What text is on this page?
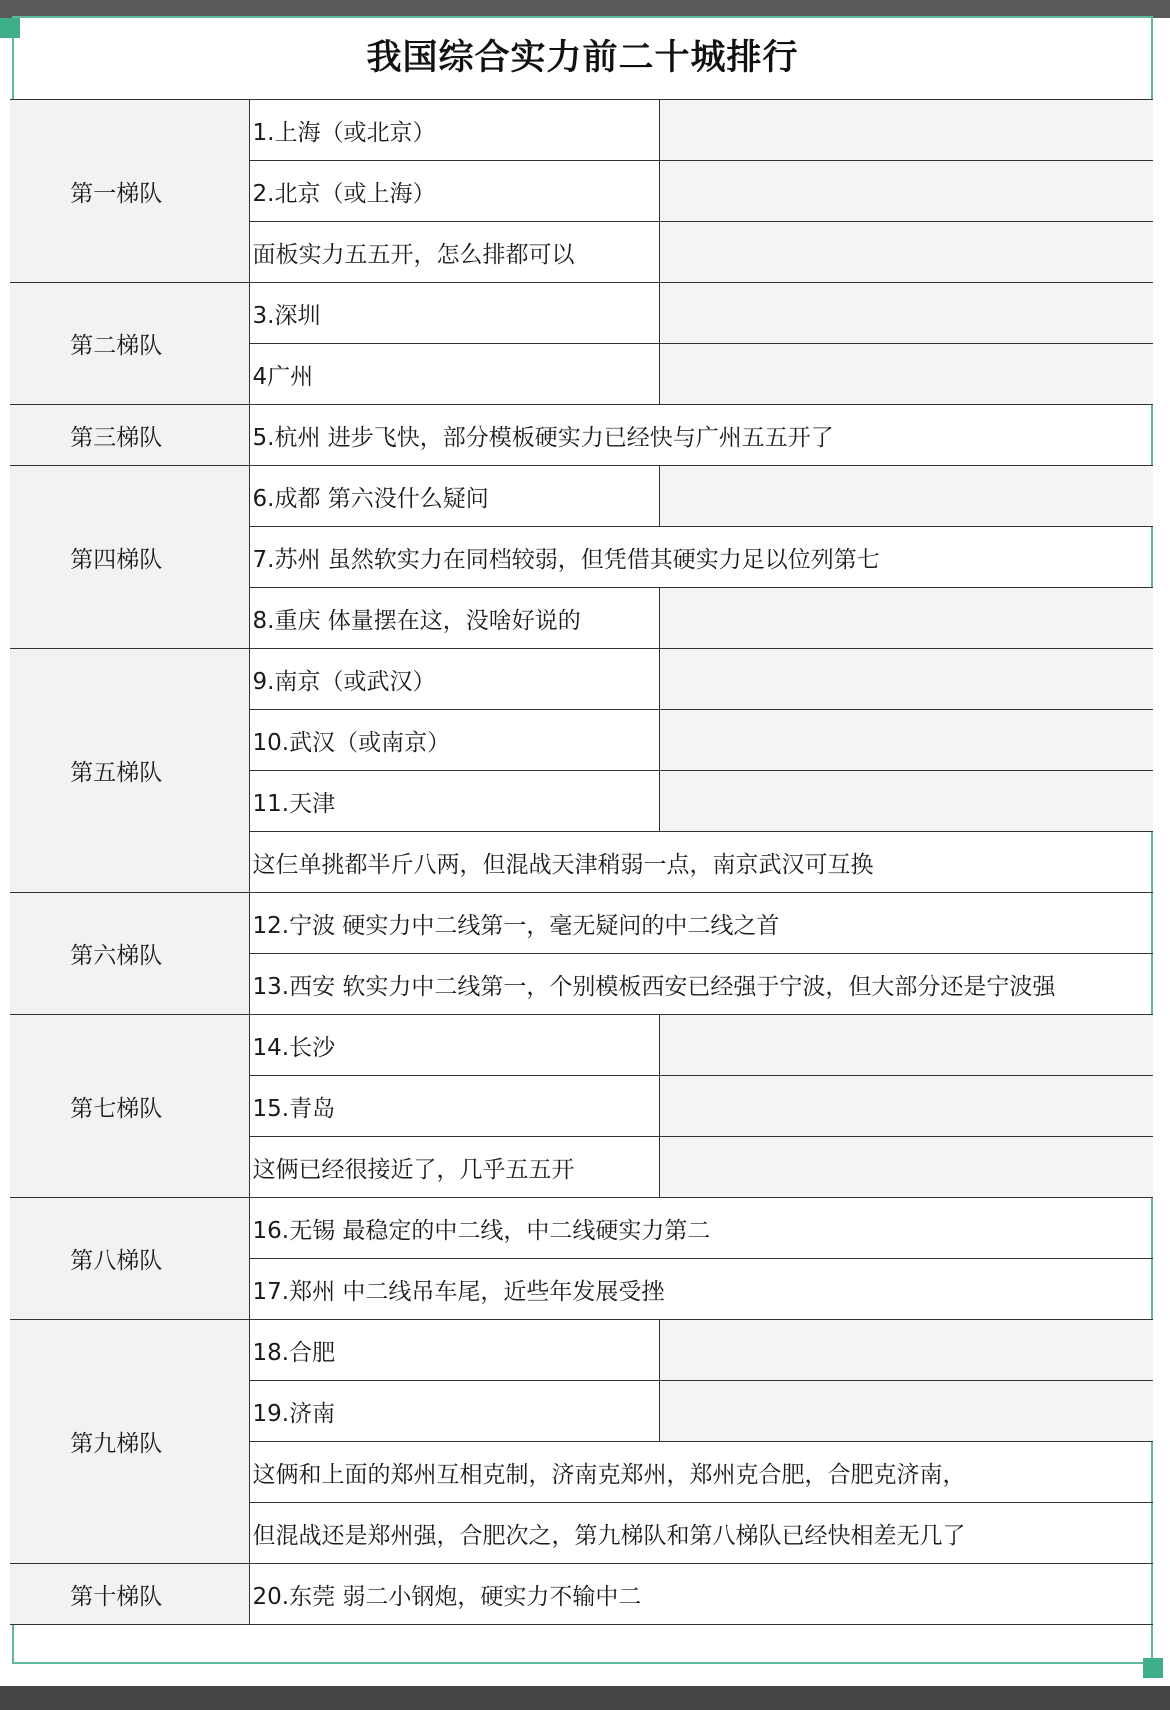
我国综合实力前二十城排行
第一梯队	1.上海（或北京）	
	2.北京（或上海）	
	面板实力五五开，怎么排都可以	
第二梯队	3.深圳	
	4广州	
第三梯队	5.杭州 进步飞快，部分模板硬实力已经快与广州五五开了	
第四梯队	6.成都 第六没什么疑问	
	7.苏州 虽然软实力在同档较弱，但凭借其硬实力足以位列第七	
	8.重庆 体量摆在这，没啥好说的	
第五梯队	9.南京（或武汉）	
	10.武汉（或南京）	
	11.天津	
	这仨单挑都半斤八两，但混战天津稍弱一点，南京武汉可互换	
第六梯队	12.宁波 硬实力中二线第一，毫无疑问的中二线之首	
	13.西安 软实力中二线第一，个别模板西安已经强于宁波，但大部分还是宁波强	
第七梯队	14.长沙	
	15.青岛	
	这俩已经很接近了，几乎五五开	
第八梯队	16.无锡 最稳定的中二线，中二线硬实力第二	
	17.郑州 中二线吊车尾，近些年发展受挫	
第九梯队	18.合肥	
	19.济南	
	这俩和上面的郑州互相克制，济南克郑州，郑州克合肥，合肥克济南，	
	但混战还是郑州强，合肥次之，第九梯队和第八梯队已经快相差无几了	
第十梯队	20.东莞 弱二小钢炮，硬实力不输中二	
